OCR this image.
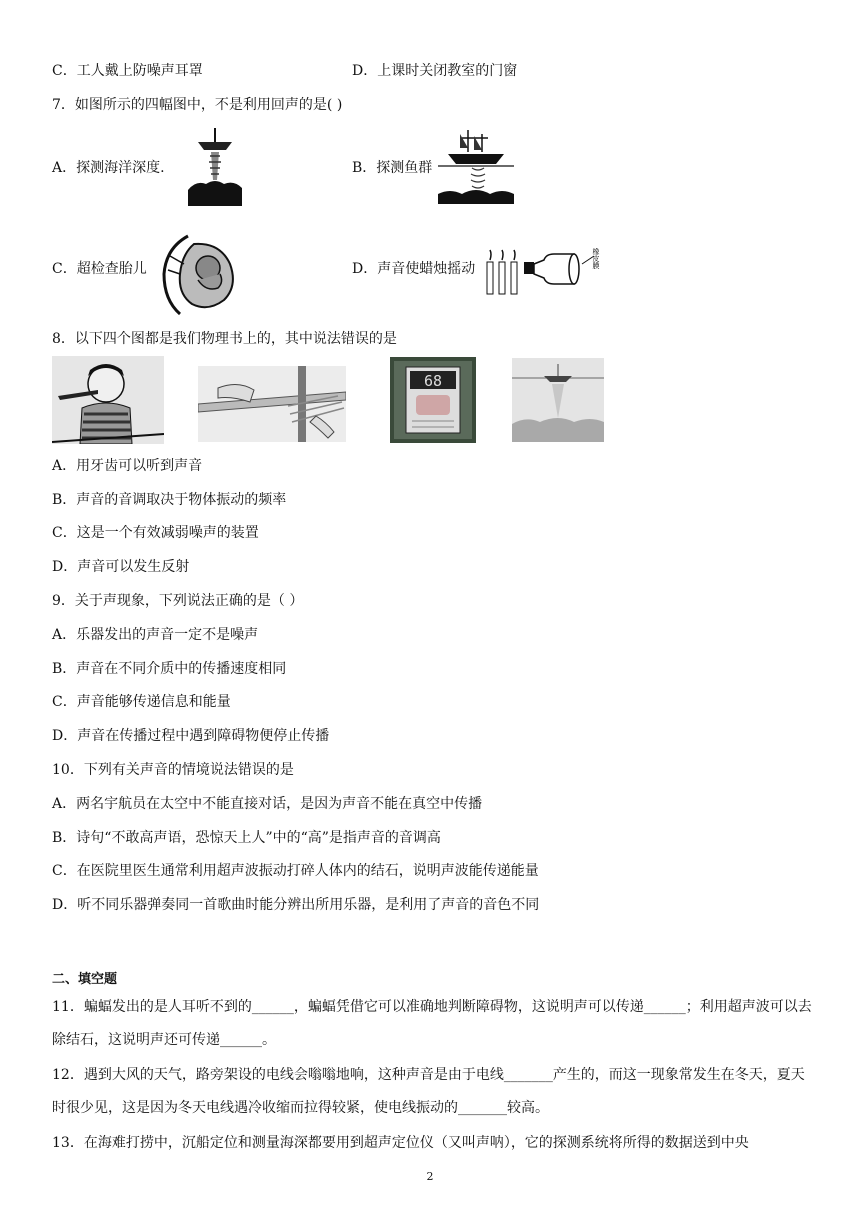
C．工人戴上防噪声耳罩	D．上课时关闭教室的门窗
7．如图所示的四幅图中，不是利用回声的是( )
A．探测海洋深度.	B．探测鱼群
C．超检查胎儿	D．声音使蜡烛摇动	橡皮膜
8．以下四个图都是我们物理书上的，其中说法错误的是
68
A．用牙齿可以听到声音
B．声音的音调取决于物体振动的频率
C．这是一个有效减弱噪声的装置
D．声音可以发生反射
9．关于声现象，下列说法正确的是（ ）
A．乐器发出的声音一定不是噪声
B．声音在不同介质中的传播速度相同
C．声音能够传递信息和能量
D．声音在传播过程中遇到障碍物便停止传播
10．下列有关声音的情境说法错误的是
A．两名宇航员在太空中不能直接对话，是因为声音不能在真空中传播
B．诗句“不敢高声语，恐惊天上人”中的“高”是指声音的音调高
C．在医院里医生通常利用超声波振动打碎人体内的结石，说明声波能传递能量
D．听不同乐器弹奏同一首歌曲时能分辨出所用乐器，是利用了声音的音色不同
二、填空题
11．蝙蝠发出的是人耳听不到的______，蝙蝠凭借它可以准确地判断障碍物，这说明声可以传递______；利用超声波可以去除结石，这说明声还可传递______。
12．遇到大风的天气，路旁架设的电线会嗡嗡地响，这种声音是由于电线_______产生的，而这一现象常发生在冬天，夏天时很少见，这是因为冬天电线遇冷收缩而拉得较紧，使电线振动的_______较高。
13．在海难打捞中，沉船定位和测量海深都要用到超声定位仪（又叫声呐），它的探测系统将所得的数据送到中央
2
